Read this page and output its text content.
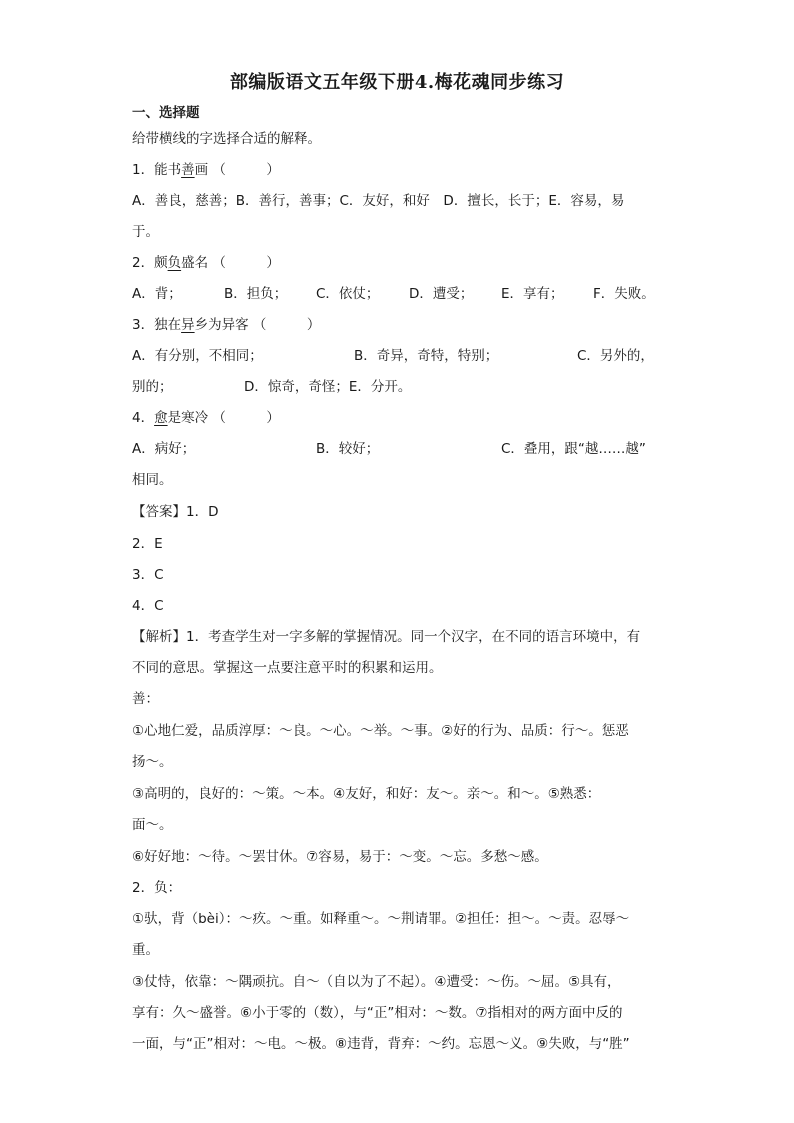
部编版语文五年级下册4.梅花魂同步练习
一、选择题
给带横线的字选择合适的解释。
1．能书善画 （　　　）
A．善良，慈善；B．善行，善事；C．友好，和好　D．擅长，长于；E．容易，易
于。
2．颇负盛名 （　　　）
A．背；	B．担负； C．依仗； D．遭受； E．享有； F．失败。
3．独在异乡为异客 （　　　）
A．有分别，不相同；	B．奇异，奇特，特别；	C．另外的，
别的；	D．惊奇，奇怪；E．分开。
4．愈是寒冷 （　　　）
A．病好；	B．较好；	C．叠用，跟“越……越”
相同。
【答案】1．D
2．E
3．C
4．C
【解析】1．考查学生对一字多解的掌握情况。同一个汉字，在不同的语言环境中，有
不同的意思。掌握这一点要注意平时的积累和运用。
善：
①心地仁爱，品质淳厚：～良。～心。～举。～事。②好的行为、品质：行～。惩恶
扬～。
③高明的，良好的：～策。～本。④友好，和好：友～。亲～。和～。⑤熟悉：
面～。
⑥好好地：～待。～罢甘休。⑦容易，易于：～变。～忘。多愁～感。
2．负：
①驮，背（bèi）：～疚。～重。如释重～。～荆请罪。②担任：担～。～责。忍辱～
重。
③仗恃，依靠：～隅顽抗。自～（自以为了不起）。④遭受：～伤。～屈。⑤具有，
享有：久～盛誉。⑥小于零的（数），与“正”相对：～数。⑦指相对的两方面中反的
一面，与“正”相对：～电。～极。⑧违背，背弃：～约。忘恩～义。⑨失败，与“胜”
